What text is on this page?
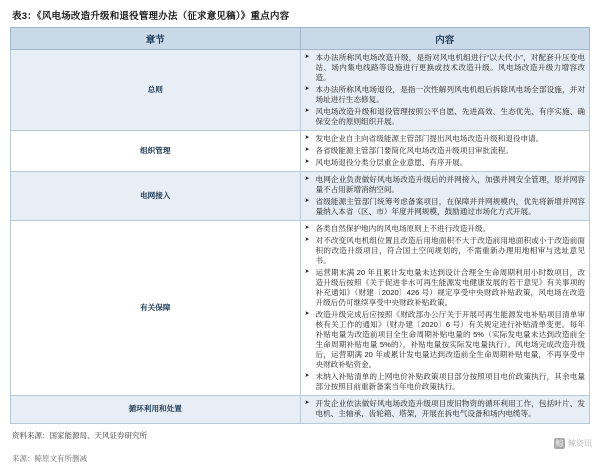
表3：《风电场改造升级和退役管理办法（征求意见稿）》重点内容
章节	内容
总则	
➤ 本办法所称风电场改造升级，是指对风电机组进行“以大代小”，对配套升压变电站、场内集电线路等设施进行更换或技术改造升级。风电场改造升级力增容改造。
➤ 本办法所称风电场退役，是指一次性解列风电机组后拆除风电场全部设施，并对场址进行生态修复。
➤ 风电场改造升级和退役管理按照公平自愿、先进高效、生态优先、有序实施、确保安全的原则组织开展。

组织管理	
➤ 发电企业自主向省级能源主管部门提出风电场改造升级和退役申请。
➤ 各省级能源主管部门要简化风电场改造升级项目审批流程。
➤ 风电场退役分类分层重企业意愿、有序开展。

电网接入	
➤ 电网企业负责做好风电场改造升级后的并网接入，加强并网安全管理，原并网容量不占用新增消纳空间。
➤ 省级能源主管部门统筹考虑备案项目，在保障并并网规模内，优先将新增并网容量纳入本省（区、市）年度并网规模，鼓励通过市场化方式开展。

有关保障	
➤ 各类自然保护地内的风电场原则上不进行改造升级。
➤ 对不改变风电机组位置且改造后用地面积不大于改造前用地面积或小于改造前面积的改造升级项目，符合国土空间规划的，不需重新办理用地相审与选址意见书。
➤ 运营期末满 20 年且累计发电量未达到设计合理全生命周期利用小时数项目，改造升级后按照《关于促进非水可再生能源发电健康发展的若干意见》有关事项的补充通知》（财建〔2020〕426 号）规定享受中央财政补贴政策，风电场在改造升级后仍可继续享受中央财政补贴政策。
➤ 改造升级完成后应按照《财政部办公厅关于开展可再生能源发电补贴项目清单审核有关工作的通知》（财办建〔2020〕6 号）有关规定进行补贴清单变更。每年补贴电量为改造前项目全生命周期补贴电量的 5%（实际发电量未达到改造前全生命周期补贴电量 5%的），补贴电量按实际发电量执行）。风电场完成改造升级后，运营期满 20 年或累计发电量达到改造前全生命周期补贴电量，不再享受中央财政补贴资金。
➤ 未纳入补贴清单的上网电价补贴政策项目部分按照项目电价政策执行，其余电量部分按照目前重新备案当年电价政策执行。

循环利用和处置	
➤ 开发企业依法做好风电场改造升级项目废旧物资的循环利用工作，包括叶片、发电机、主轴承、齿轮箱、塔架，开展在拆电气设备和场内电缆等。
资料来源：国家能源局、天风证券研究所
来源：鲸原文有所删减
鲸 鲸资讯
